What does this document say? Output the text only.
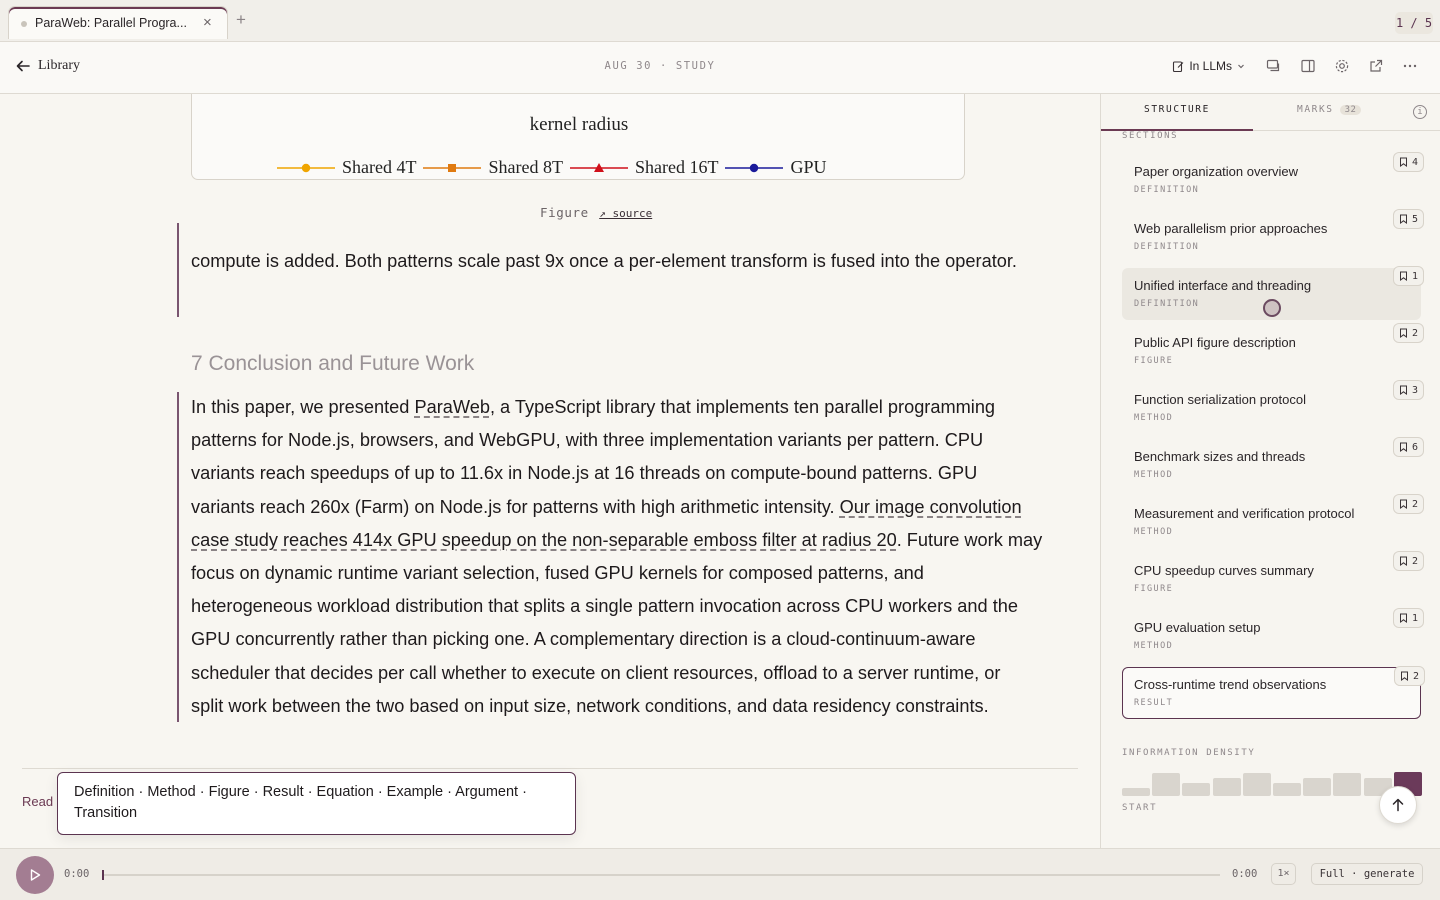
ParaWeb: Parallel Progra...	× +	1 / 5
Library	AUG 30 · STUDY	In LLMs
kernel radius
Shared 4T	Shared 8T	Shared 16T	GPU
Figure ↗ source
compute is added. Both patterns scale past 9x once a per-element transform is fused into the operator.
7 Conclusion and Future Work
In this paper, we presented ParaWeb, a TypeScript library that implements ten parallel programming
patterns for Node.js, browsers, and WebGPU, with three implementation variants per pattern. CPU
variants reach speedups of up to 11.6x in Node.js at 16 threads on compute-bound patterns. GPU
variants reach 260x (Farm) on Node.js for patterns with high arithmetic intensity. Our image convolution
case study reaches 414x GPU speedup on the non-separable emboss filter at radius 20. Future work may
focus on dynamic runtime variant selection, fused GPU kernels for composed patterns, and
heterogeneous workload distribution that splits a single pattern invocation across CPU workers and the
GPU concurrently rather than picking one. A complementary direction is a cloud-continuum-aware
scheduler that decides per call whether to execute on client resources, offload to a server runtime, or
split work between the two based on input size, network conditions, and data residency constraints.
Read
Definition · Method · Figure · Result · Equation · Example · Argument · Transition
STRUCTURE	MARKS 32	i
SECTIONS
Paper organization overview
DEFINITION
4
Web parallelism prior approaches
DEFINITION
5
Unified interface and threading
DEFINITION
1
Public API figure description
FIGURE
2
Function serialization protocol
METHOD
3
Benchmark sizes and threads
METHOD
6
Measurement and verification protocol
METHOD
2
CPU speedup curves summary
FIGURE
2
GPU evaluation setup
METHOD
1
Cross-runtime trend observations
RESULT
2
INFORMATION DENSITY
START
0:00	0:00	1×	Full · generate
